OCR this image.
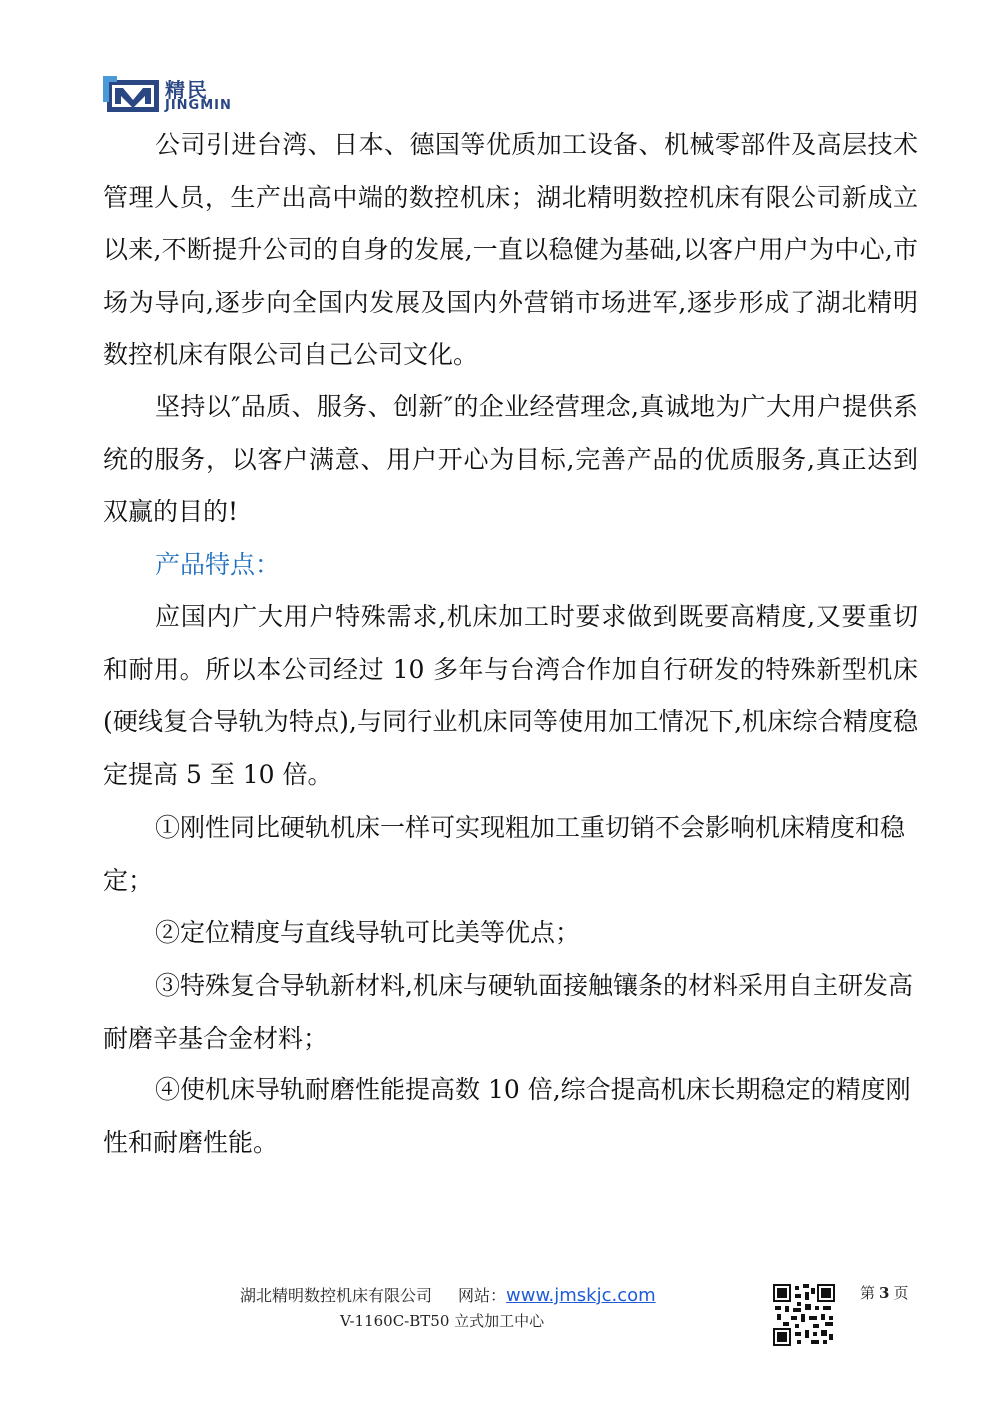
精民
JINGMIN

公司引进台湾、日本、德国等优质加工设备、机械零部件及高层技术管理人员，生产出高中端的数控机床；湖北精明数控机床有限公司新成立以来,不断提升公司的自身的发展,一直以稳健为基础,以客户用户为中心,市场为导向,逐步向全国内发展及国内外营销市场进军,逐步形成了湖北精明数控机床有限公司自己公司文化。

坚持以″品质、服务、创新″的企业经营理念,真诚地为广大用户提供系统的服务，以客户满意、用户开心为目标,完善产品的优质服务,真正达到双赢的目的!

产品特点：

应国内广大用户特殊需求,机床加工时要求做到既要高精度,又要重切和耐用。所以本公司经过 10 多年与台湾合作加自行研发的特殊新型机床(硬线复合导轨为特点),与同行业机床同等使用加工情况下,机床综合精度稳定提高 5 至 10 倍。

①刚性同比硬轨机床一样可实现粗加工重切销不会影响机床精度和稳定；

②定位精度与直线导轨可比美等优点；

③特殊复合导轨新材料,机床与硬轨面接触镶条的材料采用自主研发高耐磨辛基合金材料；

④使机床导轨耐磨性能提高数 10 倍,综合提高机床长期稳定的精度刚性和耐磨性能。

湖北精明数控机床有限公司 网站：www.jmskjc.com
V-1160C-BT50 立式加工中心
第 3 页
